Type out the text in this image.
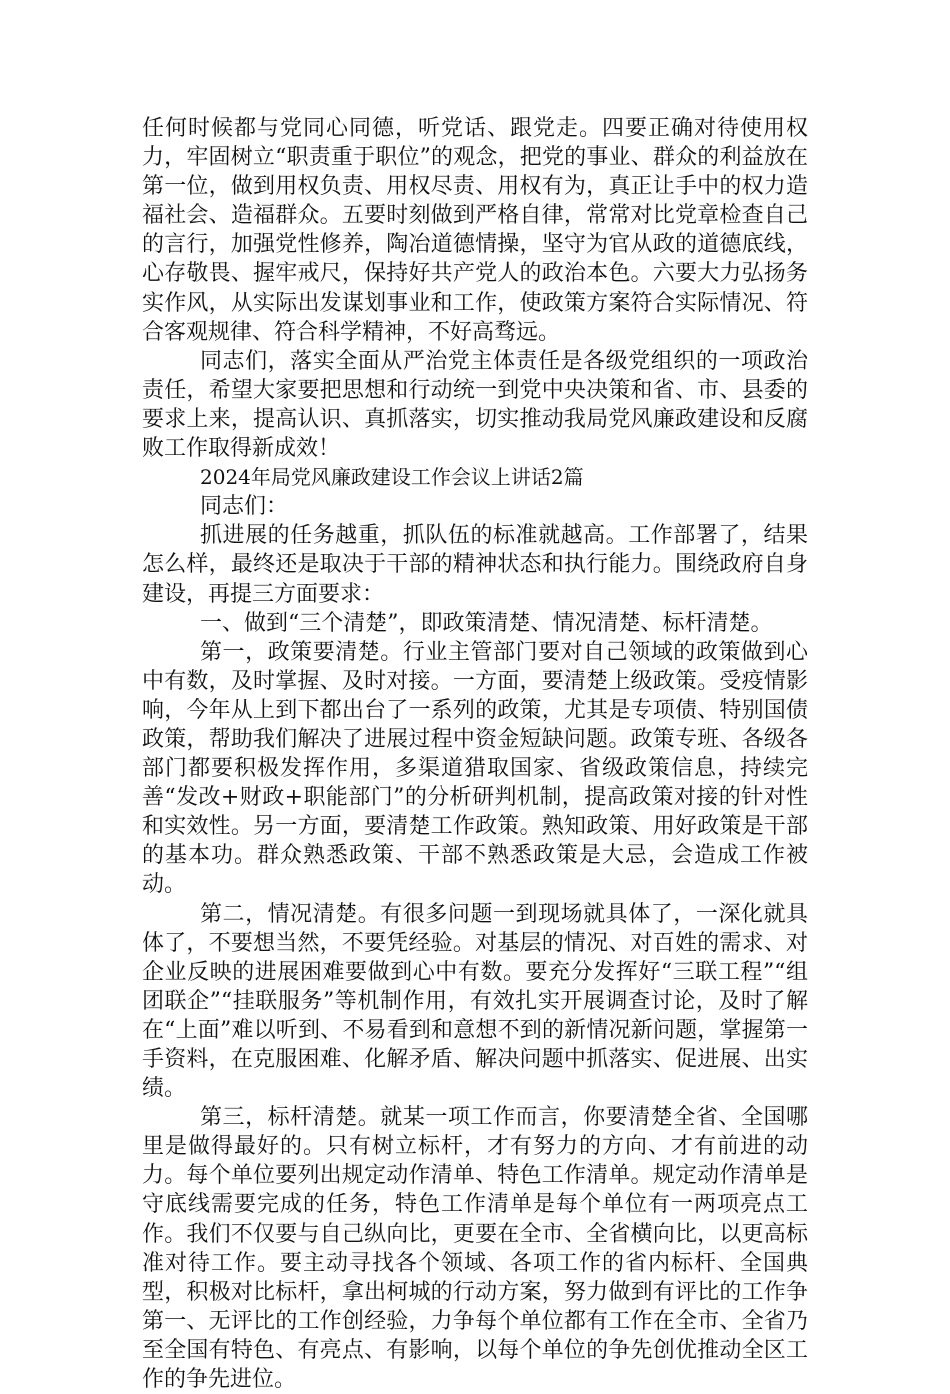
任何时候都与党同心同德，听党话、跟党走。四要正确对待使用权力，牢固树立“职责重于职位”的观念，把党的事业、群众的利益放在第一位，做到用权负责、用权尽责、用权有为，真正让手中的权力造福社会、造福群众。五要时刻做到严格自律，常常对比党章检查自己的言行，加强党性修养，陶冶道德情操，坚守为官从政的道德底线，心存敬畏、握牢戒尺，保持好共产党人的政治本色。六要大力弘扬务实作风，从实际出发谋划事业和工作，使政策方案符合实际情况、符合客观规律、符合科学精神，不好高骛远。

同志们，落实全面从严治党主体责任是各级党组织的一项政治责任，希望大家要把思想和行动统一到党中央决策和省、市、县委的要求上来，提高认识、真抓落实，切实推动我局党风廉政建设和反腐败工作取得新成效！

2024年局党风廉政建设工作会议上讲话2篇

同志们：

抓进展的任务越重，抓队伍的标准就越高。工作部署了，结果怎么样，最终还是取决于干部的精神状态和执行能力。围绕政府自身建设，再提三方面要求：

一、做到“三个清楚”，即政策清楚、情况清楚、标杆清楚。

第一，政策要清楚。行业主管部门要对自己领域的政策做到心中有数，及时掌握、及时对接。一方面，要清楚上级政策。受疫情影响，今年从上到下都出台了一系列的政策，尤其是专项债、特别国债政策，帮助我们解决了进展过程中资金短缺问题。政策专班、各级各部门都要积极发挥作用，多渠道猎取国家、省级政策信息，持续完善“发改+财政+职能部门”的分析研判机制，提高政策对接的针对性和实效性。另一方面，要清楚工作政策。熟知政策、用好政策是干部的基本功。群众熟悉政策、干部不熟悉政策是大忌，会造成工作被动。

第二，情况清楚。有很多问题一到现场就具体了，一深化就具体了，不要想当然，不要凭经验。对基层的情况、对百姓的需求、对企业反映的进展困难要做到心中有数。要充分发挥好“三联工程”“组团联企”“挂联服务”等机制作用，有效扎实开展调查讨论，及时了解在“上面”难以听到、不易看到和意想不到的新情况新问题，掌握第一手资料，在克服困难、化解矛盾、解决问题中抓落实、促进展、出实绩。

第三，标杆清楚。就某一项工作而言，你要清楚全省、全国哪里是做得最好的。只有树立标杆，才有努力的方向、才有前进的动力。每个单位要列出规定动作清单、特色工作清单。规定动作清单是守底线需要完成的任务，特色工作清单是每个单位有一两项亮点工作。我们不仅要与自己纵向比，更要在全市、全省横向比，以更高标准对待工作。要主动寻找各个领域、各项工作的省内标杆、全国典型，积极对比标杆，拿出柯城的行动方案，努力做到有评比的工作争第一、无评比的工作创经验，力争每个单位都有工作在全市、全省乃至全国有特色、有亮点、有影响，以每个单位的争先创优推动全区工作的争先进位。
